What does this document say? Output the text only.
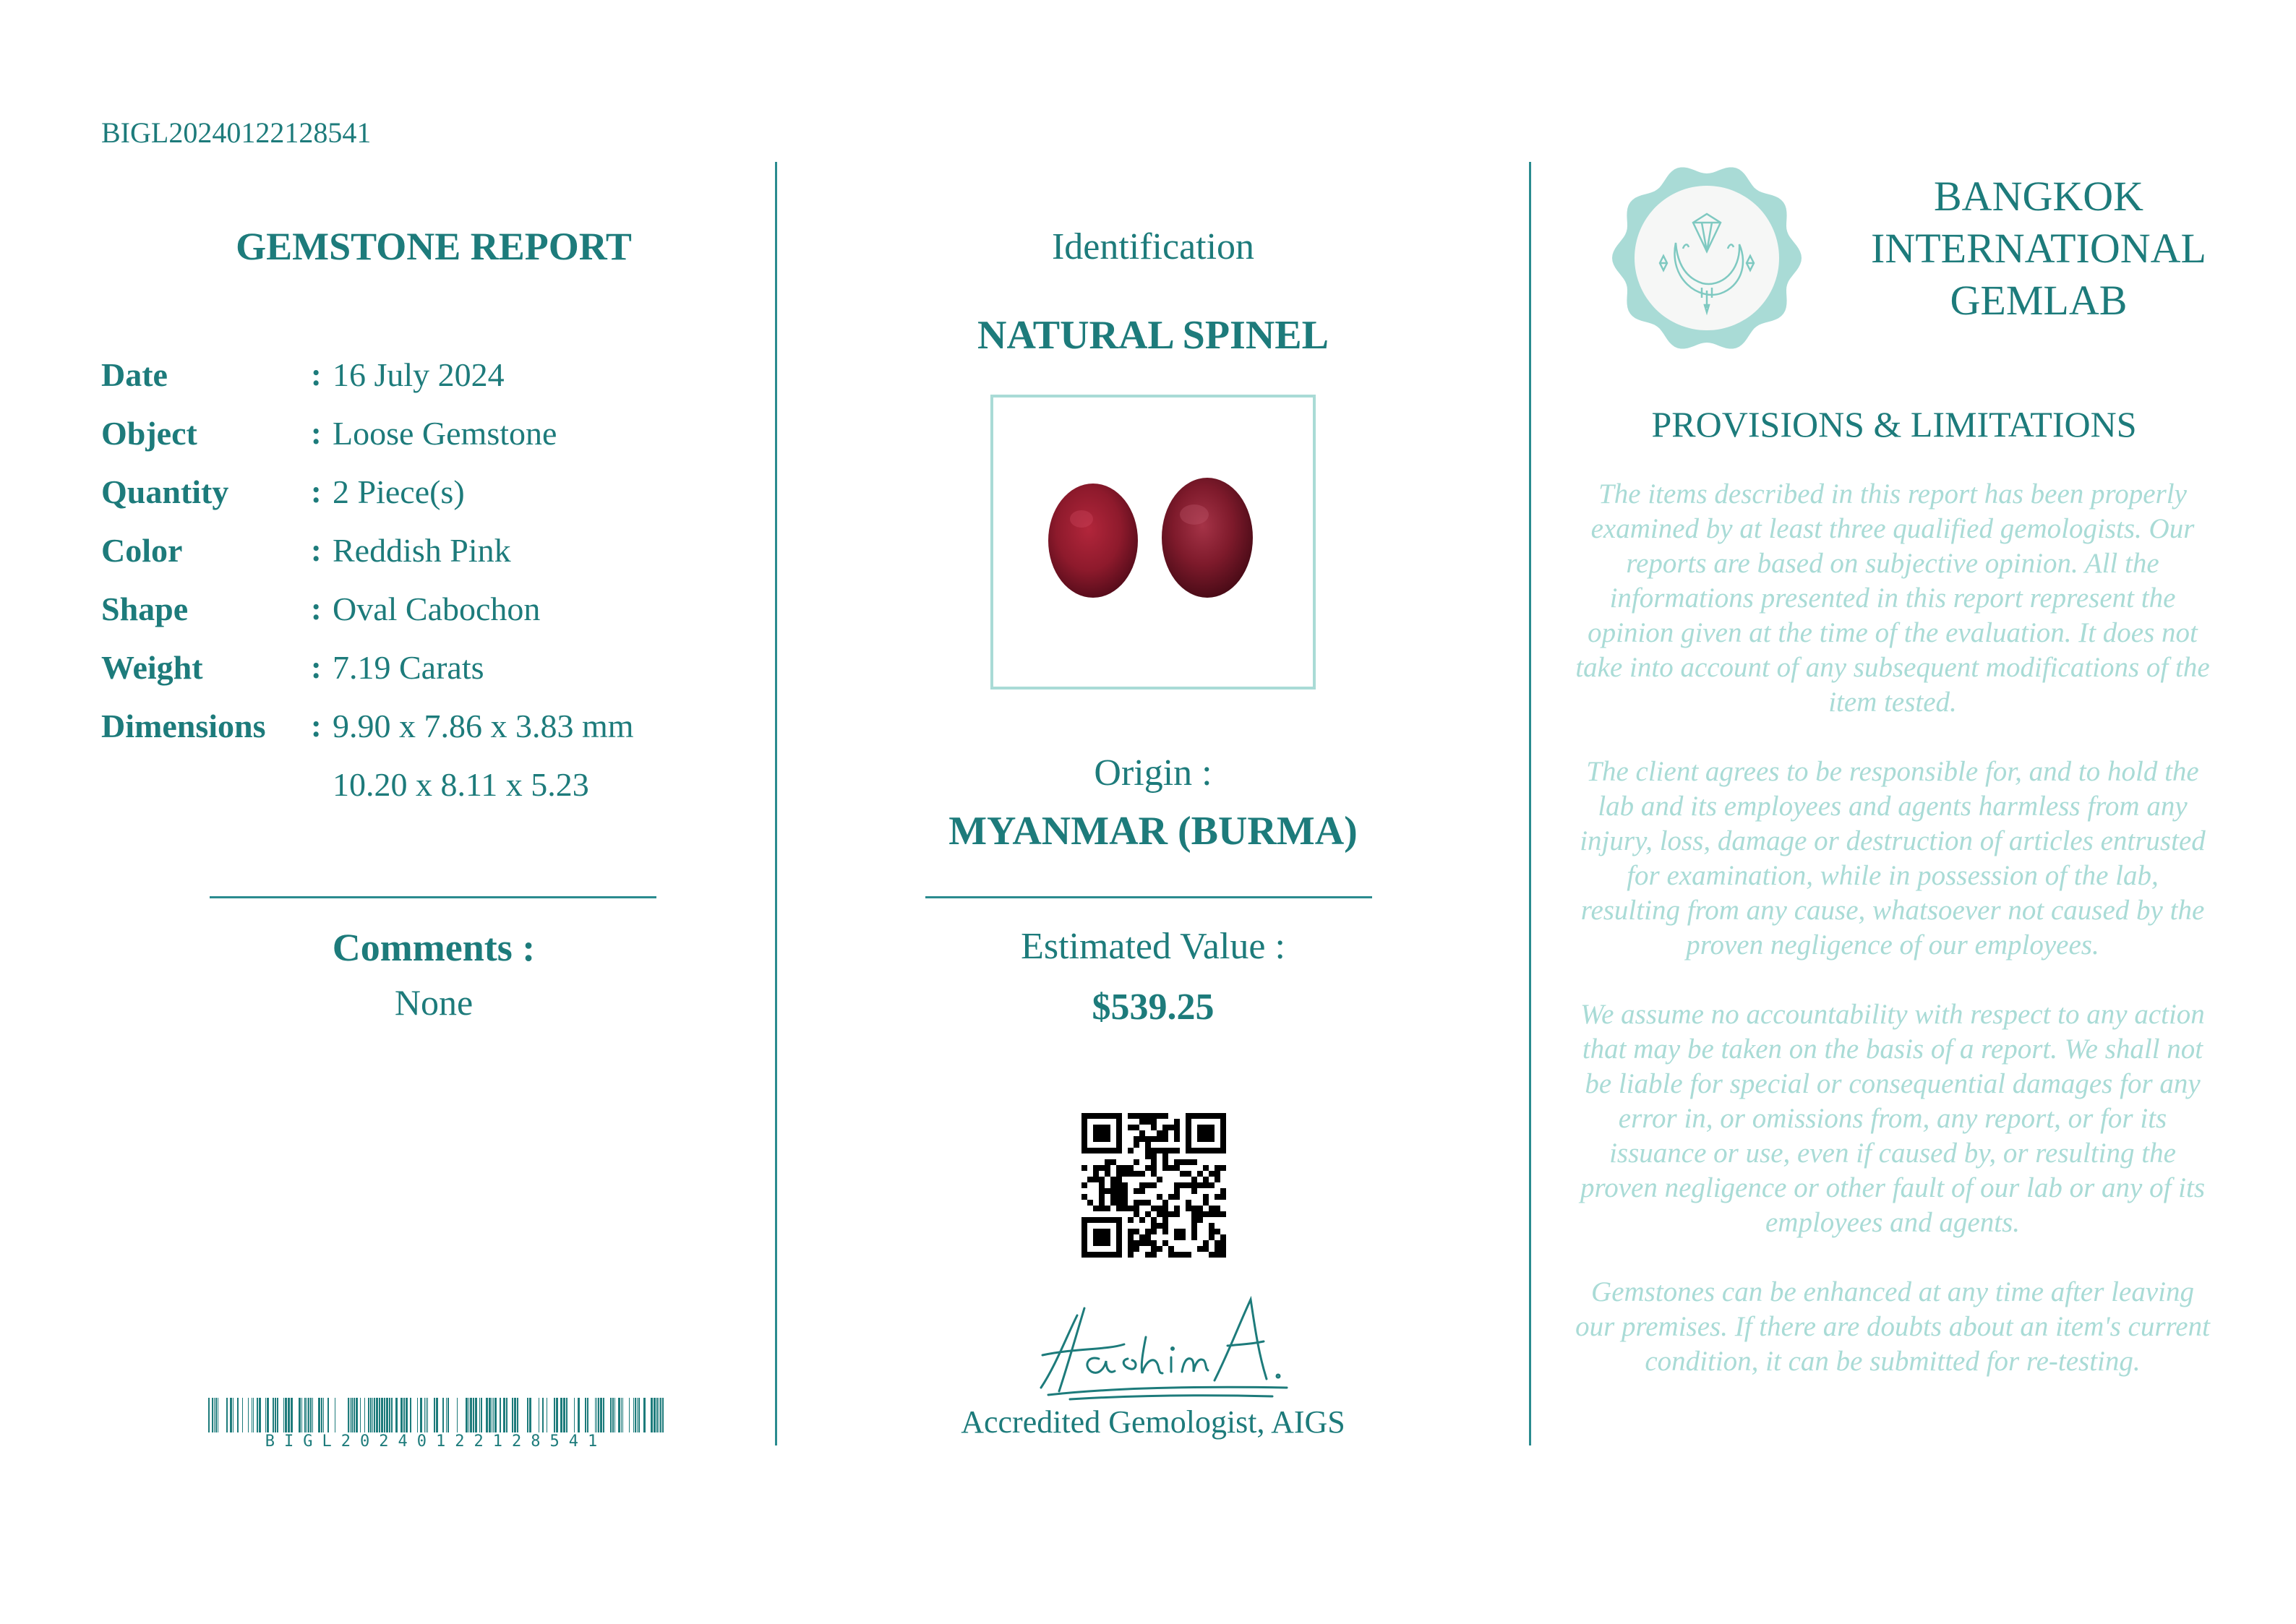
BIGL20240122128541
GEMSTONE REPORT
Date	: 16 July 2024
Object	: Loose Gemstone
Quantity	: 2 Piece(s)
Color	: Reddish Pink
Shape	: Oval Cabochon
Weight	: 7.19 Carats
Dimensions	: 9.90 x 7.86 x 3.83 mm
10.20 x 8.11 x 5.23
Comments :
None
BIGL20240122128541
Identification
NATURAL SPINEL
Origin :
MYANMAR (BURMA)
Estimated Value :
$539.25
Accredited Gemologist, AIGS
BANGKOK
INTERNATIONAL
GEMLAB
PROVISIONS & LIMITATIONS

The items described in this report has been properly examined by at least three qualified gemologists. Our reports are based on subjective opinion. All the informations presented in this report represent the opinion given at the time of the evaluation. It does not take into account of any subsequent modifications of the item tested.

The client agrees to be responsible for, and to hold the lab and its employees and agents harmless from any injury, loss, damage or destruction of articles entrusted for examination, while in possession of the lab, resulting from any cause, whatsoever not caused by the proven negligence of our employees.

We assume no accountability with respect to any action that may be taken on the basis of a report. We shall not be liable for special or consequential damages for any error in, or omissions from, any report, or for its issuance or use, even if caused by, or resulting the proven negligence or other fault of our lab or any of its employees and agents.

Gemstones can be enhanced at any time after leaving our premises. If there are doubts about an item's current condition, it can be submitted for re-testing.
